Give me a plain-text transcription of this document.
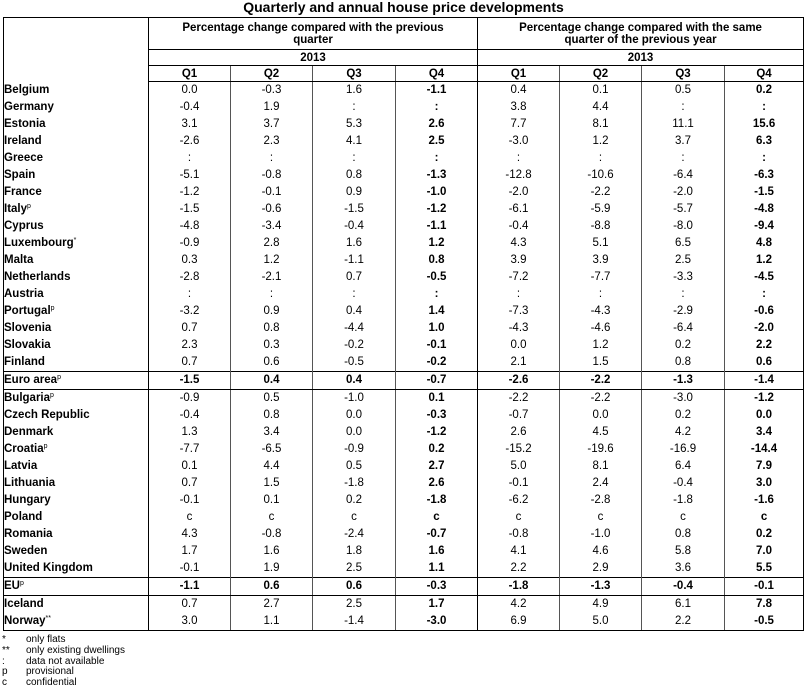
Quarterly and annual house price developments
	Percentage change compared with the previous quarter				Percentage change compared with the same quarter of the previous year			
	2013				2013			
	Q1	Q2	Q3	Q4	Q1	Q2	Q3	Q4
Belgium	0.0	-0.3	1.6	-1.1	0.4	0.1	0.5	0.2
Germany	-0.4	1.9	:	:	3.8	4.4	:	:
Estonia	3.1	3.7	5.3	2.6	7.7	8.1	11.1	15.6
Ireland	-2.6	2.3	4.1	2.5	-3.0	1.2	3.7	6.3
Greece	:	:	:	:	:	:	:	:
Spain	-5.1	-0.8	0.8	-1.3	-12.8	-10.6	-6.4	-6.3
France	-1.2	-0.1	0.9	-1.0	-2.0	-2.2	-2.0	-1.5
Italy$^p$	-1.5	-0.6	-1.5	-1.2	-6.1	-5.9	-5.7	-4.8
Cyprus	-4.8	-3.4	-0.4	-1.1	-0.4	-8.8	-8.0	-9.4
Luxembourg*	-0.9	2.8	1.6	1.2	4.3	5.1	6.5	4.8
Malta	0.3	1.2	-1.1	0.8	3.9	3.9	2.5	1.2
Netherlands	-2.8	-2.1	0.7	-0.5	-7.2	-7.7	-3.3	-4.5
Austria	:	:	:	:	:	:	:	:
Portugal$^p$	-3.2	0.9	0.4	1.4	-7.3	-4.3	-2.9	-0.6
Slovenia	0.7	0.8	-4.4	1.0	-4.3	-4.6	-6.4	-2.0
Slovakia	2.3	0.3	-0.2	-0.1	0.0	1.2	0.2	2.2
Finland	0.7	0.6	-0.5	-0.2	2.1	1.5	0.8	0.6
Euro area$^p$	-1.5	0.4	0.4	-0.7	-2.6	-2.2	-1.3	-1.4
Bulgaria$^p$	-0.9	0.5	-1.0	0.1	-2.2	-2.2	-3.0	-1.2
Czech Republic	-0.4	0.8	0.0	-0.3	-0.7	0.0	0.2	0.0
Denmark	1.3	3.4	0.0	-1.2	2.6	4.5	4.2	3.4
Croatia$^p$	-7.7	-6.5	-0.9	0.2	-15.2	-19.6	-16.9	-14.4
Latvia	0.1	4.4	0.5	2.7	5.0	8.1	6.4	7.9
Lithuania	0.7	1.5	-1.8	2.6	-0.1	2.4	-0.4	3.0
Hungary	-0.1	0.1	0.2	-1.8	-6.2	-2.8	-1.8	-1.6
Poland	c	c	c	c	c	c	c	c
Romania	4.3	-0.8	-2.4	-0.7	-0.8	-1.0	0.8	0.2
Sweden	1.7	1.6	1.8	1.6	4.1	4.6	5.8	7.0
United Kingdom	-0.1	1.9	2.5	1.1	2.2	2.9	3.6	5.5
$EU^p$	-1.1	0.6	0.6	-0.3	-1.8	-1.3	-0.4	-0.1
Iceland	0.7	2.7	2.5	1.7	4.2	4.9	6.1	7.8
Norway**	3.0	1.1	-1.4	-3.0	6.9	5.0	2.2	-0.5
*	only flats
**	only existing dwellings
:	data not available
p	provisional
c	confidential
